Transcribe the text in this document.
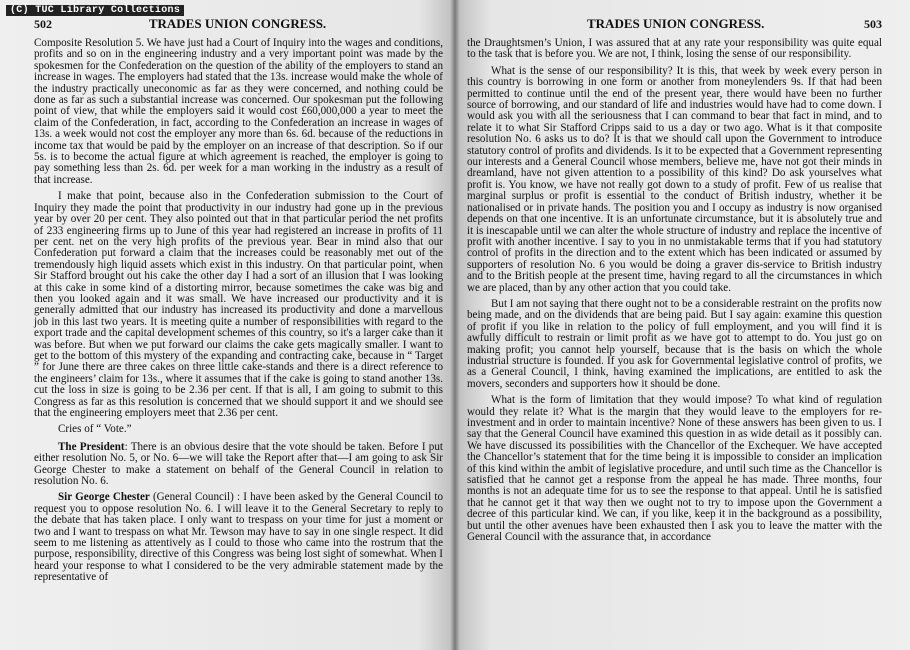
(C) TUC Library Collections
502	TRADES UNION CONGRESS.

Composite Resolution 5. We have just had a Court of Inquiry into the wages and conditions, profits and so on in the engineering industry and a very important point was made by the spokesmen for the Confederation on the question of the ability of the employers to stand an increase in wages. The employers had stated that the 13s. increase would make the whole of the industry practically uneconomic as far as they were concerned, and nothing could be done as far as such a substantial increase was concerned. Our spokesman put the following point of view, that while the employers said it would cost £60,000,000 a year to meet the claim of the Confederation, in fact, according to the Confederation an increase in wages of 13s. a week would not cost the employer any more than 6s. 6d. because of the reductions in income tax that would be paid by the employer on an increase of that description. So if our 5s. is to become the actual figure at which agreement is reached, the employer is going to pay something less than 2s. 6d. per week for a man working in the industry as a result of that increase.

I make that point, because also in the Confederation submission to the Court of Inquiry they made the point that productivity in our industry had gone up in the previous year by over 20 per cent. They also pointed out that in that particular period the net profits of 233 engineering firms up to June of this year had registered an increase in profits of 11 per cent. net on the very high profits of the previous year. Bear in mind also that our Confederation put forward a claim that the increases could be reasonably met out of the tremendously high liquid assets which exist in this industry. On that particular point, when Sir Stafford brought out his cake the other day I had a sort of an illusion that I was looking at this cake in some kind of a distorting mirror, because sometimes the cake was big and then you looked again and it was small. We have increased our productivity and it is generally admitted that our industry has increased its productivity and done a marvellous job in this last two years. It is meeting quite a number of responsibilities with regard to the export trade and the capital development schemes of this country, so it's a larger cake than it was before. But when we put forward our claims the cake gets magically smaller. I want to get to the bottom of this mystery of the expanding and contracting cake, because in “ Target ” for June there are three cakes on three little cake-stands and there is a direct reference to the engineers’ claim for 13s., where it assumes that if the cake is going to stand another 13s. cut the loss in size is going to be 2.36 per cent. If that is all, I am going to submit to this Congress as far as this resolution is concerned that we should support it and we should see that the engineering employers meet that 2.36 per cent.

Cries of “ Vote.”

The President: There is an obvious desire that the vote should be taken. Before I put either resolution No. 5, or No. 6—we will take the Report after that—I am going to ask Sir George Chester to make a statement on behalf of the General Council in relation to resolution No. 6.

Sir George Chester (General Council) : I have been asked by the General Council to request you to oppose resolution No. 6. I will leave it to the General Secretary to reply to the debate that has taken place. I only want to trespass on your time for just a moment or two and I want to trespass on what Mr. Tewson may have to say in one single respect. It did seem to me listening as attentively as I could to those who came into the rostrum that the purpose, responsibility, directive of this Congress was being lost sight of somewhat. When I heard your response to what I considered to be the very admirable statement made by the representative of

TRADES UNION CONGRESS.	503

the Draughtsmen’s Union, I was assured that at any rate your responsibility was quite equal to the task that is before you. We are not, I think, losing the sense of our responsibility.

What is the sense of our responsibility? It is this, that week by week every person in this country is borrowing in one form or another from moneylenders 9s. If that had been permitted to continue until the end of the present year, there would have been no further source of borrowing, and our standard of life and industries would have had to come down. I would ask you with all the seriousness that I can command to bear that fact in mind, and to relate it to what Sir Stafford Cripps said to us a day or two ago. What is it that composite resolution No. 6 asks us to do? It is that we should call upon the Government to introduce statutory control of profits and dividends. Is it to be expected that a Government representing our interests and a General Council whose members, believe me, have not got their minds in dreamland, have not given attention to a possibility of this kind? Do ask yourselves what profit is. You know, we have not really got down to a study of profit. Few of us realise that marginal surplus or profit is essential to the conduct of British industry, whether it be nationalised or in private hands. The position you and I occupy as industry is now organised depends on that one incentive. It is an unfortunate circumstance, but it is absolutely true and it is inescapable until we can alter the whole structure of industry and replace the incentive of profit with another incentive. I say to you in no unmistakable terms that if you had statutory control of profits in the direction and to the extent which has been indicated or assumed by supporters of resolution No. 6 you would be doing a graver dis-service to British industry and to the British people at the present time, having regard to all the circumstances in which we are placed, than by any other action that you could take.

But I am not saying that there ought not to be a considerable restraint on the profits now being made, and on the dividends that are being paid. But I say again: examine this question of profit if you like in relation to the policy of full employment, and you will find it is awfully difficult to restrain or limit profit as we have got to attempt to do. You just go on making profit; you cannot help yourself, because that is the basis on which the whole industrial structure is founded. If you ask for Governmental legislative control of profits, we as a General Council, I think, having examined the implications, are entitled to ask the movers, seconders and supporters how it should be done.

What is the form of limitation that they would impose? To what kind of regulation would they relate it? What is the margin that they would leave to the employers for re-investment and in order to maintain incentive? None of these answers has been given to us. I say that the General Council have examined this question in as wide detail as it possibly can. We have discussed its possibilities with the Chancellor of the Exchequer. We have accepted the Chancellor’s statement that for the time being it is impossible to consider an implication of this kind within the ambit of legislative procedure, and until such time as the Chancellor is satisfied that he cannot get a response from the appeal he has made. Three months, four months is not an adequate time for us to see the response to that appeal. Until he is satisfied that he cannot get it that way then we ought not to try to impose upon the Government a decree of this particular kind. We can, if you like, keep it in the background as a possibility, but until the other avenues have been exhausted then I ask you to leave the matter with the General Council with the assurance that, in accordance
